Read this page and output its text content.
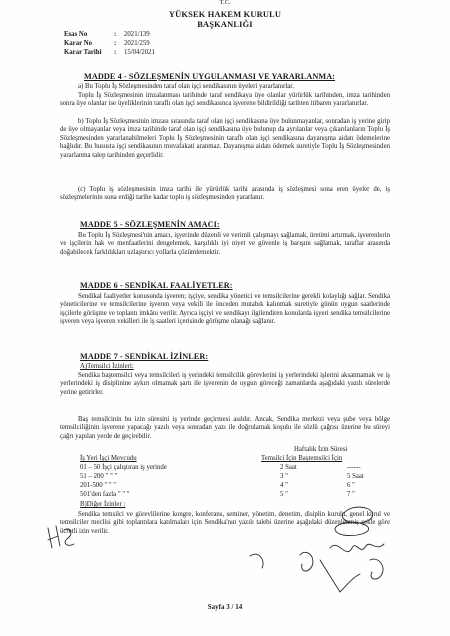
T.C.
YÜKSEK HAKEM KURULU
BAŞKANLIĞI
Esas No	: 2021/139
Karar No	: 2021/259
Karar Tarihi : 15/04/2021
MADDE 4 - SÖZLEŞMENİN UYGULANMASI VE YARARLANMA:
a) Bu Toplu İş Sözleşmesinden taraf olan işçi sendikasının üyeleri yararlanırlar.
Toplu İş Sözleşmesinin imzalanması tarihinde taraf sendikaya üye olanlar yürürlük tarihinden, imza tarihinden sonra üye olanlar ise üyeliklerinin taraflı olan işçi sendikasınca işverene bildirildiği tarihten itibaren yararlanırlar.
b) Toplu İş Sözleşmesinin imzası sırasında taraf olan işçi sendikasına üye bulunmayanlar, sonradan iş yerine girip de üye olmayanlar veya imza tarihinde taraf olan işçi sendikasına üye bulunup da ayrılanlar veya çıkarılanların Toplu İş Sözleşmesinden yararlanabilmeleri Toplu İş Sözleşmesinin taraflı olan işçi sendikasına dayanışma aidatı ödemelerine bağlıdır. Bu hususta işçi sendikasının muvafakati aranmaz. Dayanışma aidatı ödemek suretiyle Toplu İş Sözleşmesinden yararlanma talep tarihinden geçerlidir.
(c) Toplu iş sözleşmesinin imza tarihi ile yürürlük tarihi arasında iş sözleşmesi sona eren üyeler de, iş sözleşmelerinin sona erdiği tarihe kadar toplu iş sözleşmesinden yararlanır.
MADDE 5 - SÖZLEŞMENİN AMACI:
Bu Toplu İş Sözleşmesi'nin amacı, işyerinde düzenli ve verimli çalışmayı sağlamak, üretimi artırmak, işverenlerin ve işçilerin hak ve menfaatlerini dengelemek, karşılıklı iyi niyet ve güvenle iş barışını sağlamak, taraflar arasında doğabilecek farklılıkları uzlaştırıcı yollarla çözümlemektir.
MADDE 6 - SENDİKAL FAALİYETLER:
Sendikal faaliyetler konusunda işveren; işçiye, sendika yönetici ve temsilcilerine gerekli kolaylığı sağlar. Sendika yöneticilerine ve temsilcilerine işveren veya vekili ile önceden mutabık kalınmak suretiyle günün uygun saatlerinde işçilerle görüşme ve toplantı imkânı verilir. Ayrıca işçiyi ve sendikayı ilgilendiren konularda işyeri sendika temsilcilerine işveren veya işveren vekilleri ile iş saatleri içerisinde görüşme olanağı sağlanır.
MADDE 7 - SENDİKAL İZİNLER:
A)Temsilci İzinleri:
Sendika baştemsilci veya temsilcileri iş yerindeki temsilcilik görevlerini iş yerlerindeki işlerini aksatmamak ve iş yerlerindeki iş disiplinine aykırı olmamak şartı ile işverenin de uygun göreceği zamanlarda aşağıdaki yazılı sürelerde yerine getirirler.
Baş temsilcinin bu izin süresini iş yerinde geçirmesi asıldır. Ancak, Sendika merkezi veya şube veya bölge temsilciliğinin işverene yapacağı yazılı veya sonradan yazı ile doğrulamak koşulu ile sözlü çağrısı üzerine bu süreyi çağrı yapılan yerde de geçirebilir.
Haftalık İzin Süresi
İş Yeri İşçi Mevcudu	Temsilci İçin Baştemsilci İçin
01 – 50 İşçi çalıştıran iş yerinde	2 Saat	------
51 – 200 " " "	3 "	5 Saat
201-500 " " "	4 "	6 "
501'den fazla " " "	5 "	7 "
B)Diğer İzinler :
Sendika temsilci ve görevlilerine kongre, konferans, seminer, yönetim, denetim, disiplin kurulu, genel kurul ve temsilciler meclisi gibi toplantılara katılmaları için Sendika'nın yazılı talebi üzerine aşağıdaki düzenlenmiş şekle göre ücretli izin verilir.
Sayfa 3 / 14
